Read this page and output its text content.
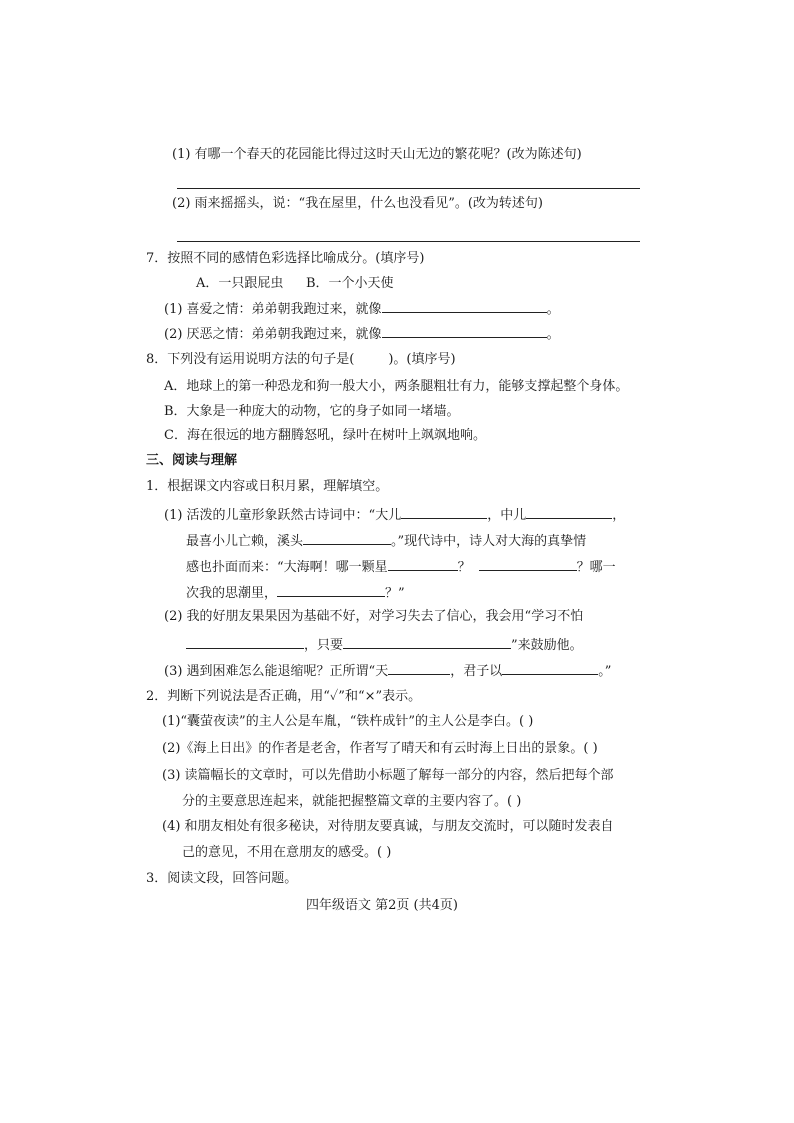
(1) 有哪一个春天的花园能比得过这时天山无边的繁花呢？(改为陈述句)
(2) 雨来摇摇头，说：“我在屋里，什么也没看见”。(改为转述句)
7．按照不同的感情色彩选择比喻成分。(填序号)
A．一只跟屁虫 B．一个小天使
(1) 喜爱之情：弟弟朝我跑过来，就像	。
(2) 厌恶之情：弟弟朝我跑过来，就像	。
8．下列没有运用说明方法的句子是(	)。(填序号)
A．地球上的第一种恐龙和狗一般大小，两条腿粗壮有力，能够支撑起整个身体。
B．大象是一种庞大的动物，它的身子如同一堵墙。
C．海在很远的地方翻腾怒吼，绿叶在树叶上飒飒地响。
三、阅读与理解
1．根据课文内容或日积月累，理解填空。
(1) 活泼的儿童形象跃然古诗词中：“大儿	，中儿	，
最喜小儿亡赖，溪头	。”现代诗中，诗人对大海的真挚情
感也扑面而来：“大海啊！哪一颗星	？	？哪一
次我的思潮里，	？”
(2) 我的好朋友果果因为基础不好，对学习失去了信心，我会用“学习不怕
，只要	”来鼓励他。
(3) 遇到困难怎么能退缩呢？正所谓“天	，君子以	。”
2．判断下列说法是否正确，用“✓”和“×”表示。
(1)“囊萤夜读”的主人公是车胤，“铁杵成针”的主人公是李白。( )
(2)《海上日出》的作者是老舍，作者写了晴天和有云时海上日出的景象。( )
(3) 读篇幅长的文章时，可以先借助小标题了解每一部分的内容，然后把每个部
分的主要意思连起来，就能把握整篇文章的主要内容了。( )
(4) 和朋友相处有很多秘诀，对待朋友要真诚，与朋友交流时，可以随时发表自
己的意见，不用在意朋友的感受。( )
3．阅读文段，回答问题。
四年级语文 第2页 (共4页)
